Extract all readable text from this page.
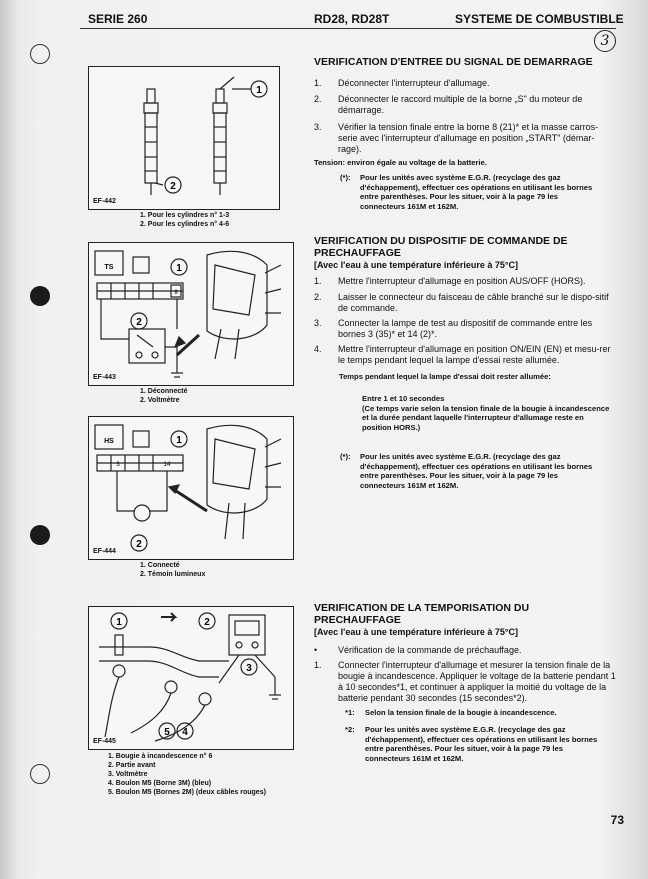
SERIE 260	RD28, RD28T	SYSTEME DE COMBUSTIBLE
3
1
2
EF-442
1. Pour les cylindres n° 1-3
2. Pour les cylindres n° 4-6
TS
8
1
2
EF-443
1. Déconnecté
2. Voltmètre
HS
3	14
1
2
EF-444
1. Connecté
2. Témoin lumineux
1	2
3
4
5
EF-445
1. Bougie à incandescence n° 6
2. Partie avant
3. Voltmètre
4. Boulon M5 (Borne 3M) (bleu)
5. Boulon M5 (Bornes 2M) (deux câbles rouges)
VERIFICATION D'ENTREE DU SIGNAL DE DEMARRAGE
1. Déconnecter l'interrupteur d'allumage.
2. Déconnecter le raccord multiple de la borne „S" du moteur de démarrage.
3. Vérifier la tension finale entre la borne 8 (21)* et la masse carros-serie avec l'interrupteur d'allumage en position „START" (démar-rage).
Tension: environ égale au voltage de la batterie.
(*): Pour les unités avec système E.G.R. (recyclage des gaz d'échappement), effectuer ces opérations en utilisant les bornes entre parenthèses. Pour les situer, voir à la page 79 les connecteurs 161M et 162M.
VERIFICATION DU DISPOSITIF DE COMMANDE DE PRECHAUFFAGE
[Avec l'eau à une température inférieure à 75°C]
1. Mettre l'interrupteur d'allumage en position AUS/OFF (HORS).
2. Laisser le connecteur du faisceau de câble branché sur le dispo-sitif de commande.
3. Connecter la lampe de test au dispositif de commande entre les bornes 3 (35)* et 14 (2)*.
4. Mettre l'interrupteur d'allumage en position ON/EIN (EN) et mesu-rer le temps pendant lequel la lampe d'essai reste allumée.
Temps pendant lequel la lampe d'essai doit rester allumée:
Entre 1 et 10 secondes
(Ce temps varie selon la tension finale de la bougie à incandescence et la durée pendant laquelle l'interrupteur d'allumage reste en position HORS.)
(*): Pour les unités avec système E.G.R. (recyclage des gaz d'échappement), effectuer ces opérations en utilisant les bornes entre parenthèses. Pour les situer, voir à la page 79 les connecteurs 161M et 162M.
VERIFICATION DE LA TEMPORISATION DU PRECHAUFFAGE
[Avec l'eau à une température inférieure à 75°C]
• Vérification de la commande de préchauffage.
1. Connecter l'interrupteur d'allumage et mesurer la tension finale de la bougie à incandescence. Appliquer le voltage de la batterie pendant 1 à 10 secondes*1, et continuer à appliquer la moitié du voltage de la batterie pendant 30 secondes (15 secondes*2).
*1: Selon la tension finale de la bougie à incandescence.
*2: Pour les unités avec système E.G.R. (recyclage des gaz d'échappement), effectuer ces opérations en utilisant les bornes entre parenthèses. Pour les situer, voir à la page 79 les connecteurs 161M et 162M.
73
